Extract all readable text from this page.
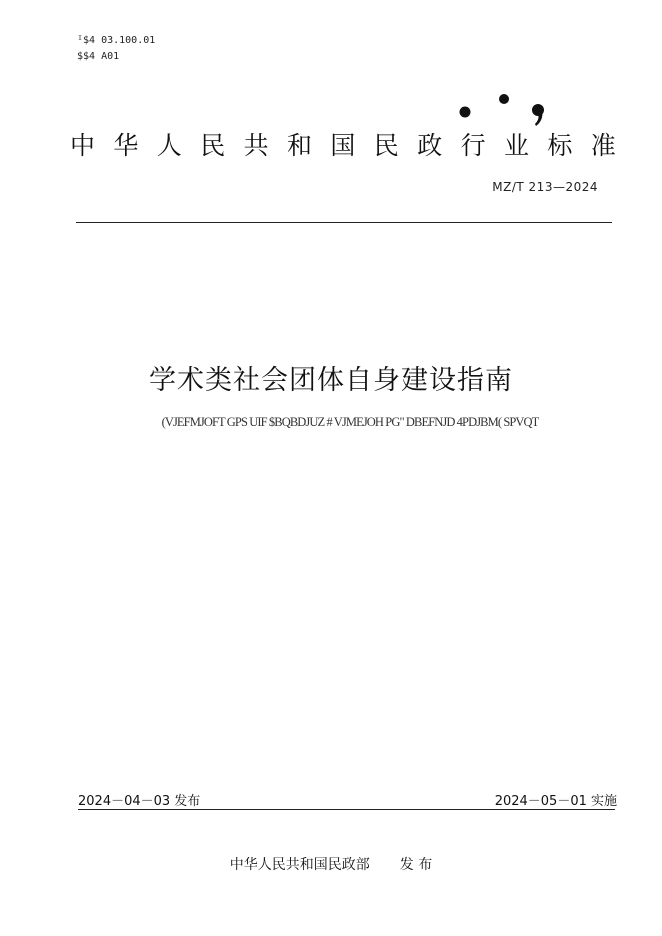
ᴵ$4 03.100.01
$$4 A01
中华人民共和国民政行业标准
MZ/T 213—2024
学术类社会团体自身建设指南
(VJEFMJOFT GPS UIF $BQBDJUZ # VJMEJOH PG" DBEFNJD 4PDJBM( SPVQT
2024－04－03 发布	2024－05－01 实施
中华人民共和国民政部 发 布
